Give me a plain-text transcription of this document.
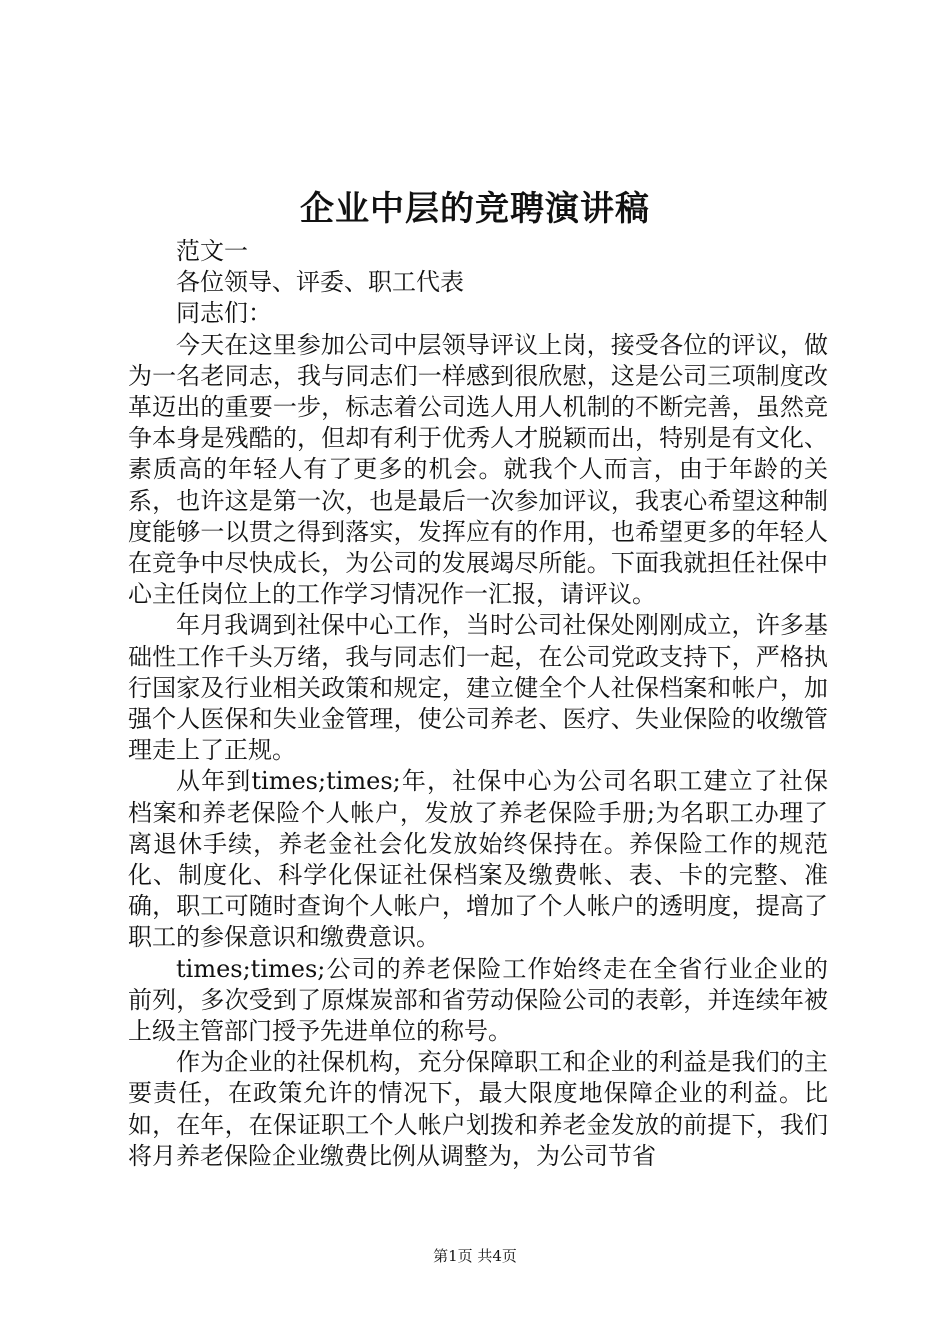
企业中层的竞聘演讲稿

范文一

各位领导、评委、职工代表

同志们：

今天在这里参加公司中层领导评议上岗，接受各位的评议，做为一名老同志，我与同志们一样感到很欣慰，这是公司三项制度改革迈出的重要一步，标志着公司选人用人机制的不断完善，虽然竞争本身是残酷的，但却有利于优秀人才脱颖而出，特别是有文化、素质高的年轻人有了更多的机会。就我个人而言，由于年龄的关系，也许这是第一次，也是最后一次参加评议，我衷心希望这种制度能够一以贯之得到落实，发挥应有的作用，也希望更多的年轻人在竞争中尽快成长，为公司的发展竭尽所能。下面我就担任社保中心主任岗位上的工作学习情况作一汇报，请评议。

年月我调到社保中心工作，当时公司社保处刚刚成立，许多基础性工作千头万绪，我与同志们一起，在公司党政支持下，严格执行国家及行业相关政策和规定，建立健全个人社保档案和帐户，加强个人医保和失业金管理，使公司养老、医疗、失业保险的收缴管理走上了正规。

从年到times;times;年，社保中心为公司名职工建立了社保档案和养老保险个人帐户，发放了养老保险手册;为名职工办理了离退休手续，养老金社会化发放始终保持在。养保险工作的规范化、制度化、科学化保证社保档案及缴费帐、表、卡的完整、准确，职工可随时查询个人帐户，增加了个人帐户的透明度，提高了职工的参保意识和缴费意识。

times;times;公司的养老保险工作始终走在全省行业企业的前列，多次受到了原煤炭部和省劳动保险公司的表彰，并连续年被上级主管部门授予先进单位的称号。

作为企业的社保机构，充分保障职工和企业的利益是我们的主要责任，在政策允许的情况下，最大限度地保障企业的利益。比如，在年，在保证职工个人帐户划拨和养老金发放的前提下，我们将月养老保险企业缴费比例从调整为，为公司节省

第1页 共4页
